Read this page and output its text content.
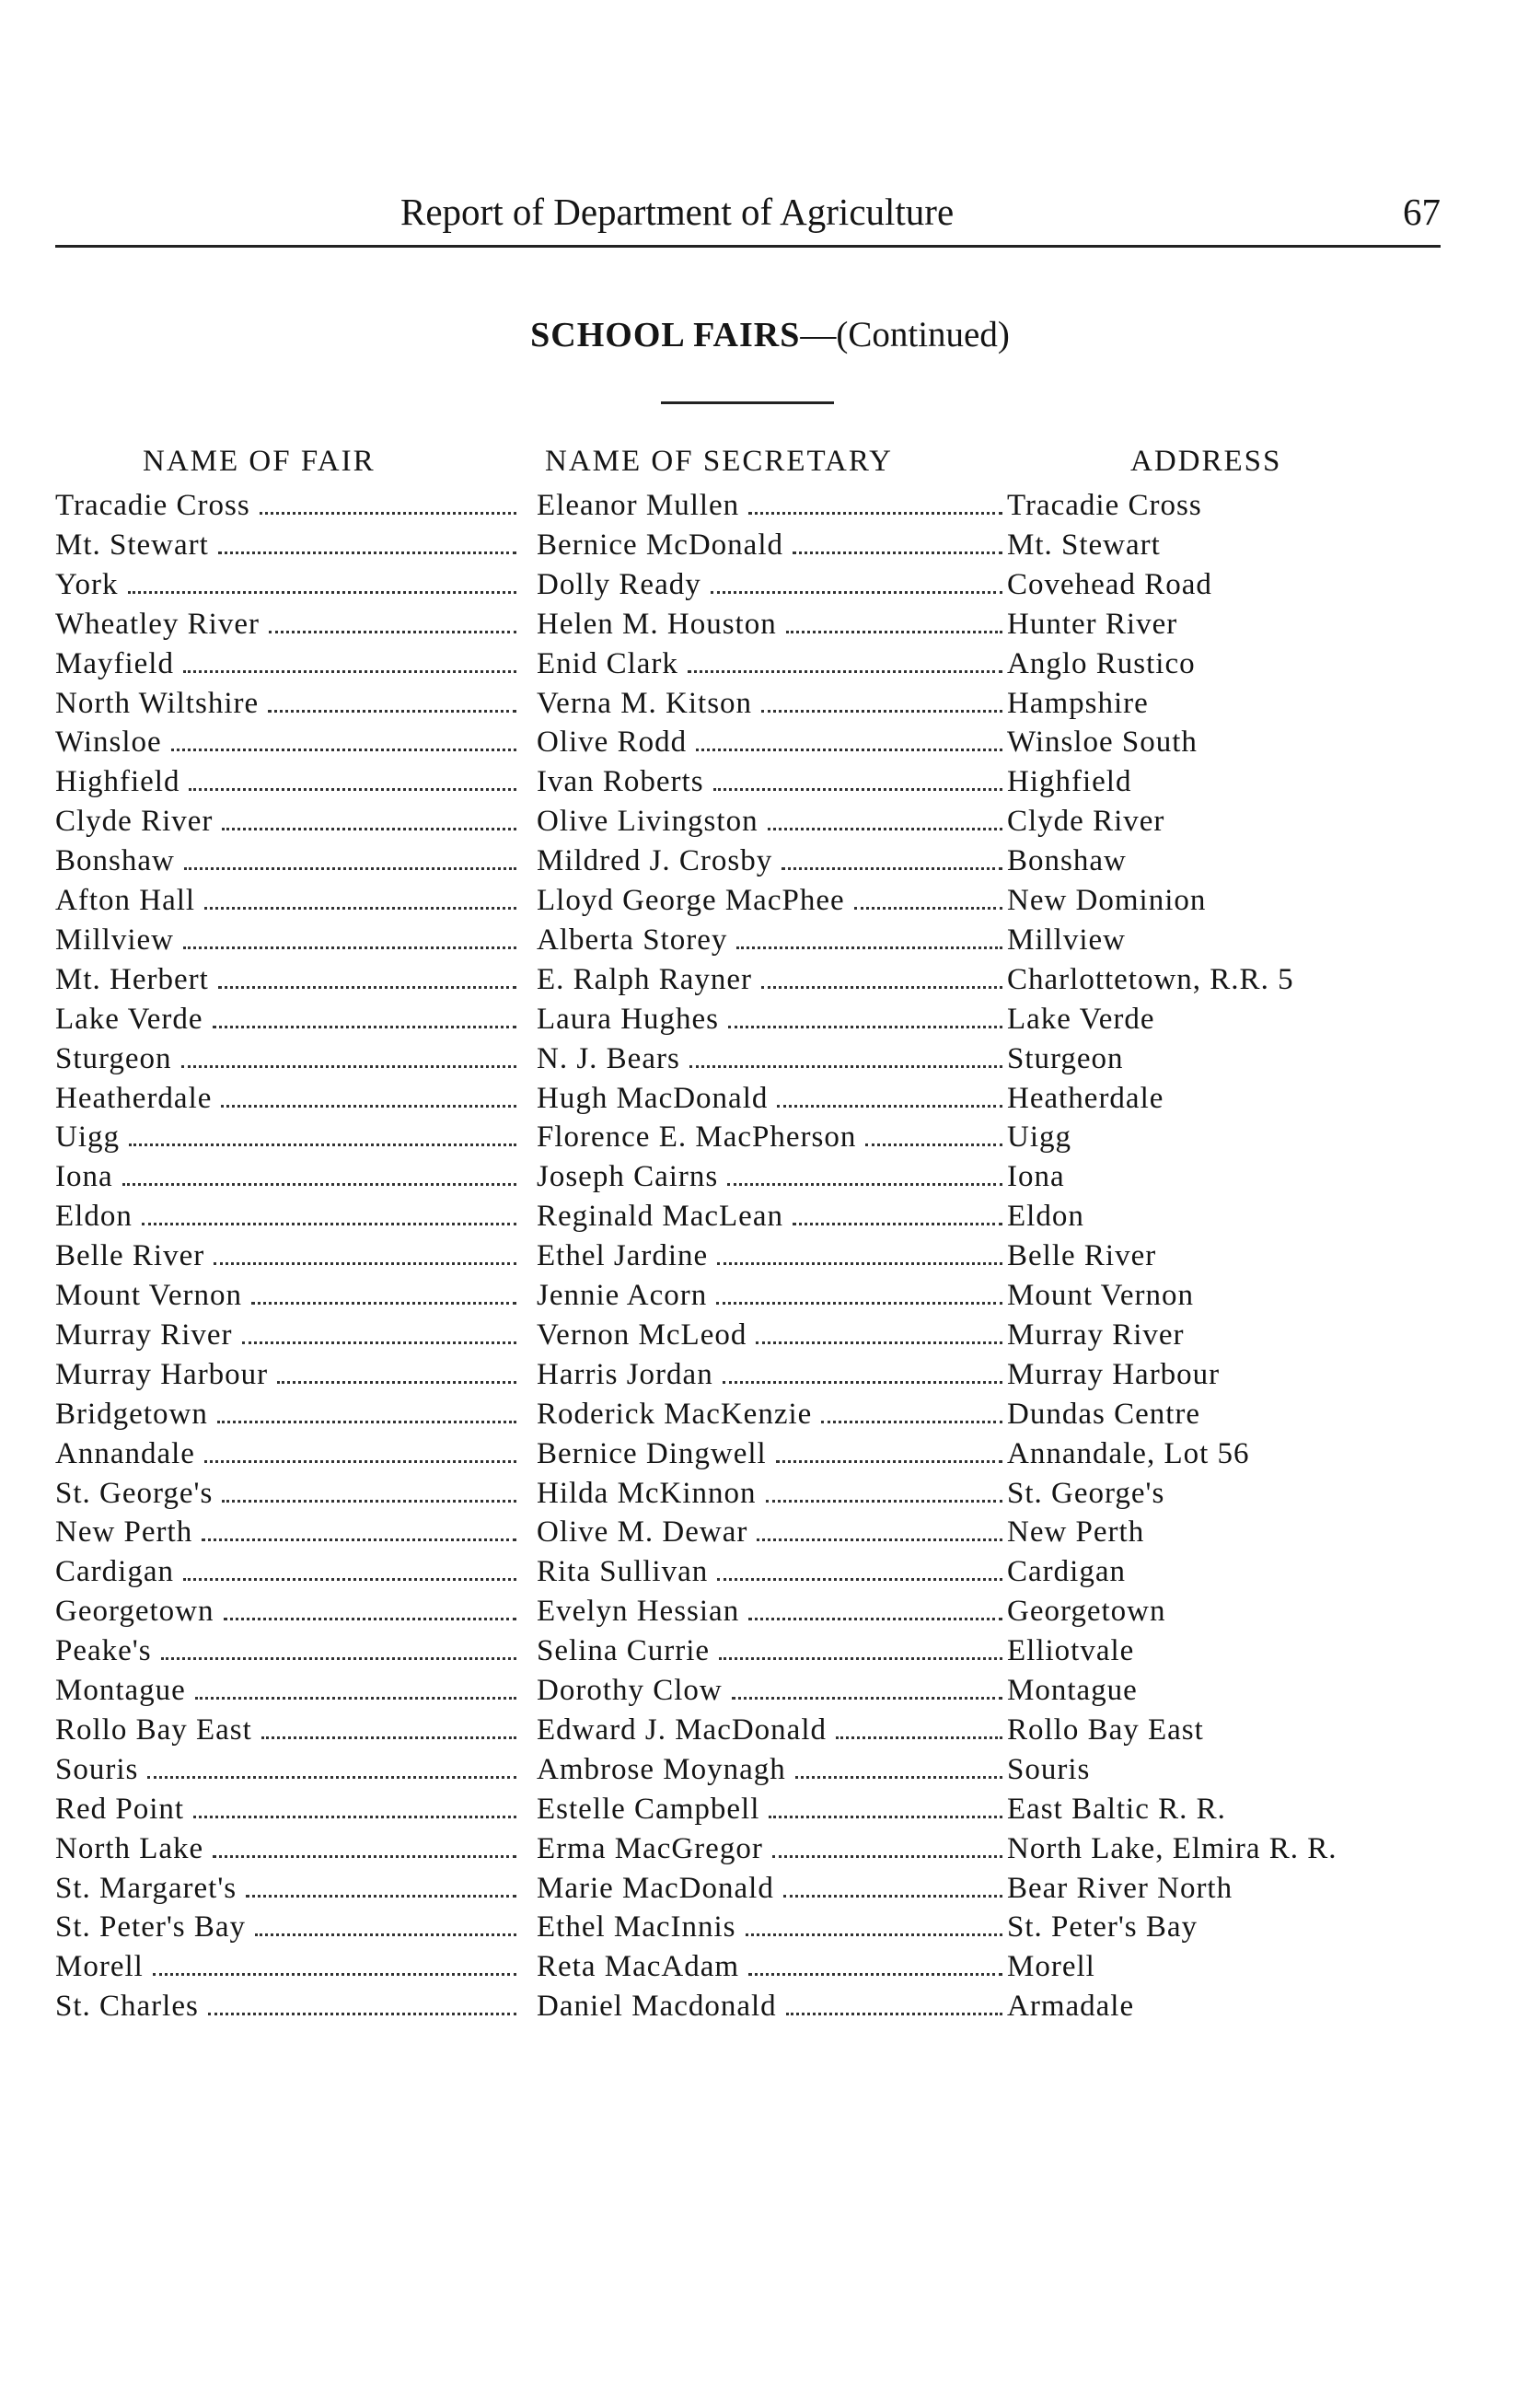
Report of Department of Agriculture	67
SCHOOL FAIRS—(Continued)
NAME OF FAIR	NAME OF SECRETARY	ADDRESS
Tracadie Cross	Eleanor Mullen	Tracadie Cross
Mt. Stewart	Bernice McDonald	Mt. Stewart
York	Dolly Ready	Covehead Road
Wheatley River	Helen M. Houston	Hunter River
Mayfield	Enid Clark	Anglo Rustico
North Wiltshire	Verna M. Kitson	Hampshire
Winsloe	Olive Rodd	Winsloe South
Highfield	Ivan Roberts	Highfield
Clyde River	Olive Livingston	Clyde River
Bonshaw	Mildred J. Crosby	Bonshaw
Afton Hall	Lloyd George MacPhee	New Dominion
Millview	Alberta Storey	Millview
Mt. Herbert	E. Ralph Rayner	Charlottetown, R.R. 5
Lake Verde	Laura Hughes	Lake Verde
Sturgeon	N. J. Bears	Sturgeon
Heatherdale	Hugh MacDonald	Heatherdale
Uigg	Florence E. MacPherson	Uigg
Iona	Joseph Cairns	Iona
Eldon	Reginald MacLean	Eldon
Belle River	Ethel Jardine	Belle River
Mount Vernon	Jennie Acorn	Mount Vernon
Murray River	Vernon McLeod	Murray River
Murray Harbour	Harris Jordan	Murray Harbour
Bridgetown	Roderick MacKenzie	Dundas Centre
Annandale	Bernice Dingwell	Annandale, Lot 56
St. George's	Hilda McKinnon	St. George's
New Perth	Olive M. Dewar	New Perth
Cardigan	Rita Sullivan	Cardigan
Georgetown	Evelyn Hessian	Georgetown
Peake's	Selina Currie	Elliotvale
Montague	Dorothy Clow	Montague
Rollo Bay East	Edward J. MacDonald	Rollo Bay East
Souris	Ambrose Moynagh	Souris
Red Point	Estelle Campbell	East Baltic R. R.
North Lake	Erma MacGregor	North Lake, Elmira R. R.
St. Margaret's	Marie MacDonald	Bear River North
St. Peter's Bay	Ethel MacInnis	St. Peter's Bay
Morell	Reta MacAdam	Morell
St. Charles	Daniel Macdonald	Armadale
